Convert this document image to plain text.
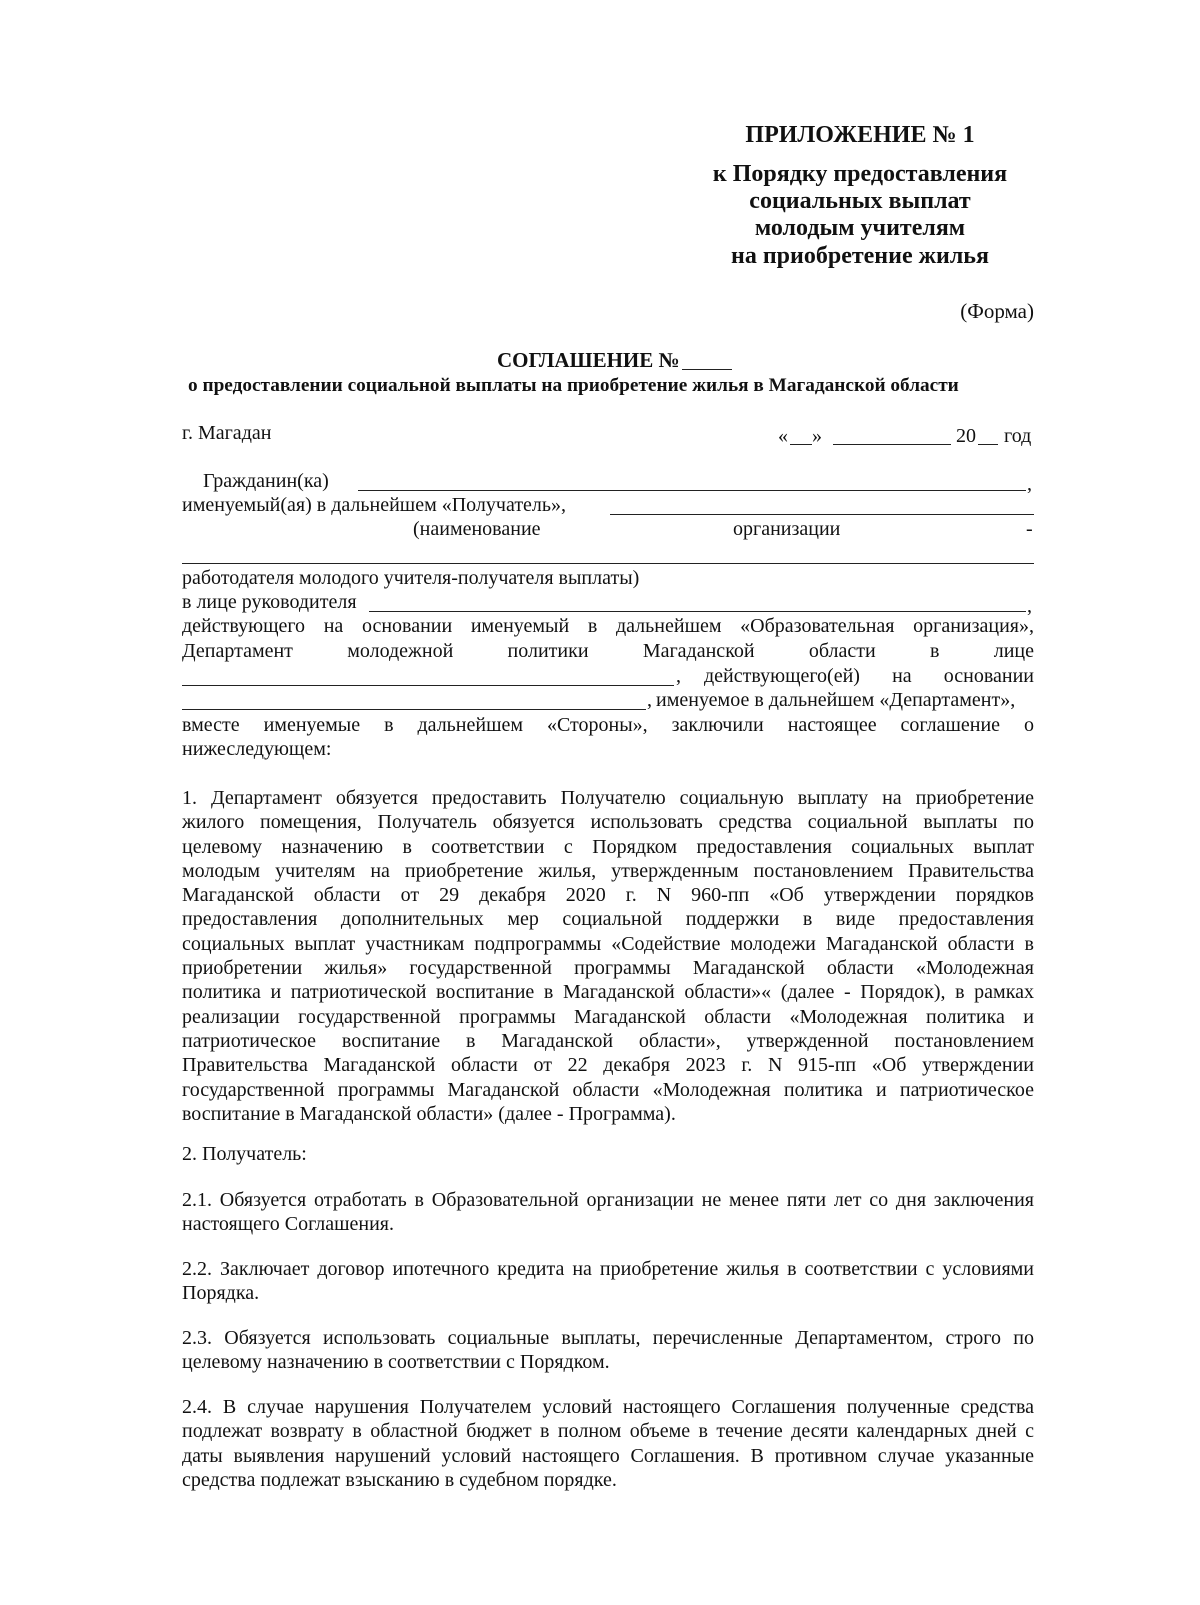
ПРИЛОЖЕНИЕ № 1
к Порядку предоставления
социальных выплат
молодым учителям
на приобретение жилья
(Форма)
СОГЛАШЕНИЕ №
о предоставлении социальной выплаты на приобретение жилья в Магаданской области
г. Магадан	« »	20 год
Гражданин(ка)	,
именуемый(ая) в дальнейшем «Получатель»,
(наименование	организации	-
работодателя молодого учителя-получателя выплаты)
в лице руководителя	,
действующего на основании именуемый в дальнейшем «Образовательная организация»,
Департамент молодежной политики Магаданской области в лице
, действующего(ей) на основании
, именуемое в дальнейшем «Департамент»,
вместе именуемые в дальнейшем «Стороны», заключили настоящее соглашение о
нижеследующем:

1. Департамент обязуется предоставить Получателю социальную выплату на приобретение

жилого помещения, Получатель обязуется использовать средства социальной выплаты по

целевому назначению в соответствии с Порядком предоставления социальных выплат

молодым учителям на приобретение жилья, утвержденным постановлением Правительства

Магаданской области от 29 декабря 2020 г. N 960-пп «Об утверждении порядков

предоставления дополнительных мер социальной поддержки в виде предоставления

социальных выплат участникам подпрограммы «Содействие молодежи Магаданской области в

приобретении жилья» государственной программы Магаданской области «Молодежная

политика и патриотической воспитание в Магаданской области»« (далее - Порядок), в рамках

реализации государственной программы Магаданской области «Молодежная политика и

патриотическое воспитание в Магаданской области», утвержденной постановлением

Правительства Магаданской области от 22 декабря 2023 г. N 915-пп «Об утверждении

государственной программы Магаданской области «Молодежная политика и патриотическое

воспитание в Магаданской области» (далее - Программа).

2. Получатель:

2.1. Обязуется отработать в Образовательной организации не менее пяти лет со дня заключения

настоящего Соглашения.

2.2. Заключает договор ипотечного кредита на приобретение жилья в соответствии с условиями

Порядка.

2.3. Обязуется использовать социальные выплаты, перечисленные Департаментом, строго по

целевому назначению в соответствии с Порядком.

2.4. В случае нарушения Получателем условий настоящего Соглашения полученные средства

подлежат возврату в областной бюджет в полном объеме в течение десяти календарных дней с

даты выявления нарушений условий настоящего Соглашения. В противном случае указанные

средства подлежат взысканию в судебном порядке.
